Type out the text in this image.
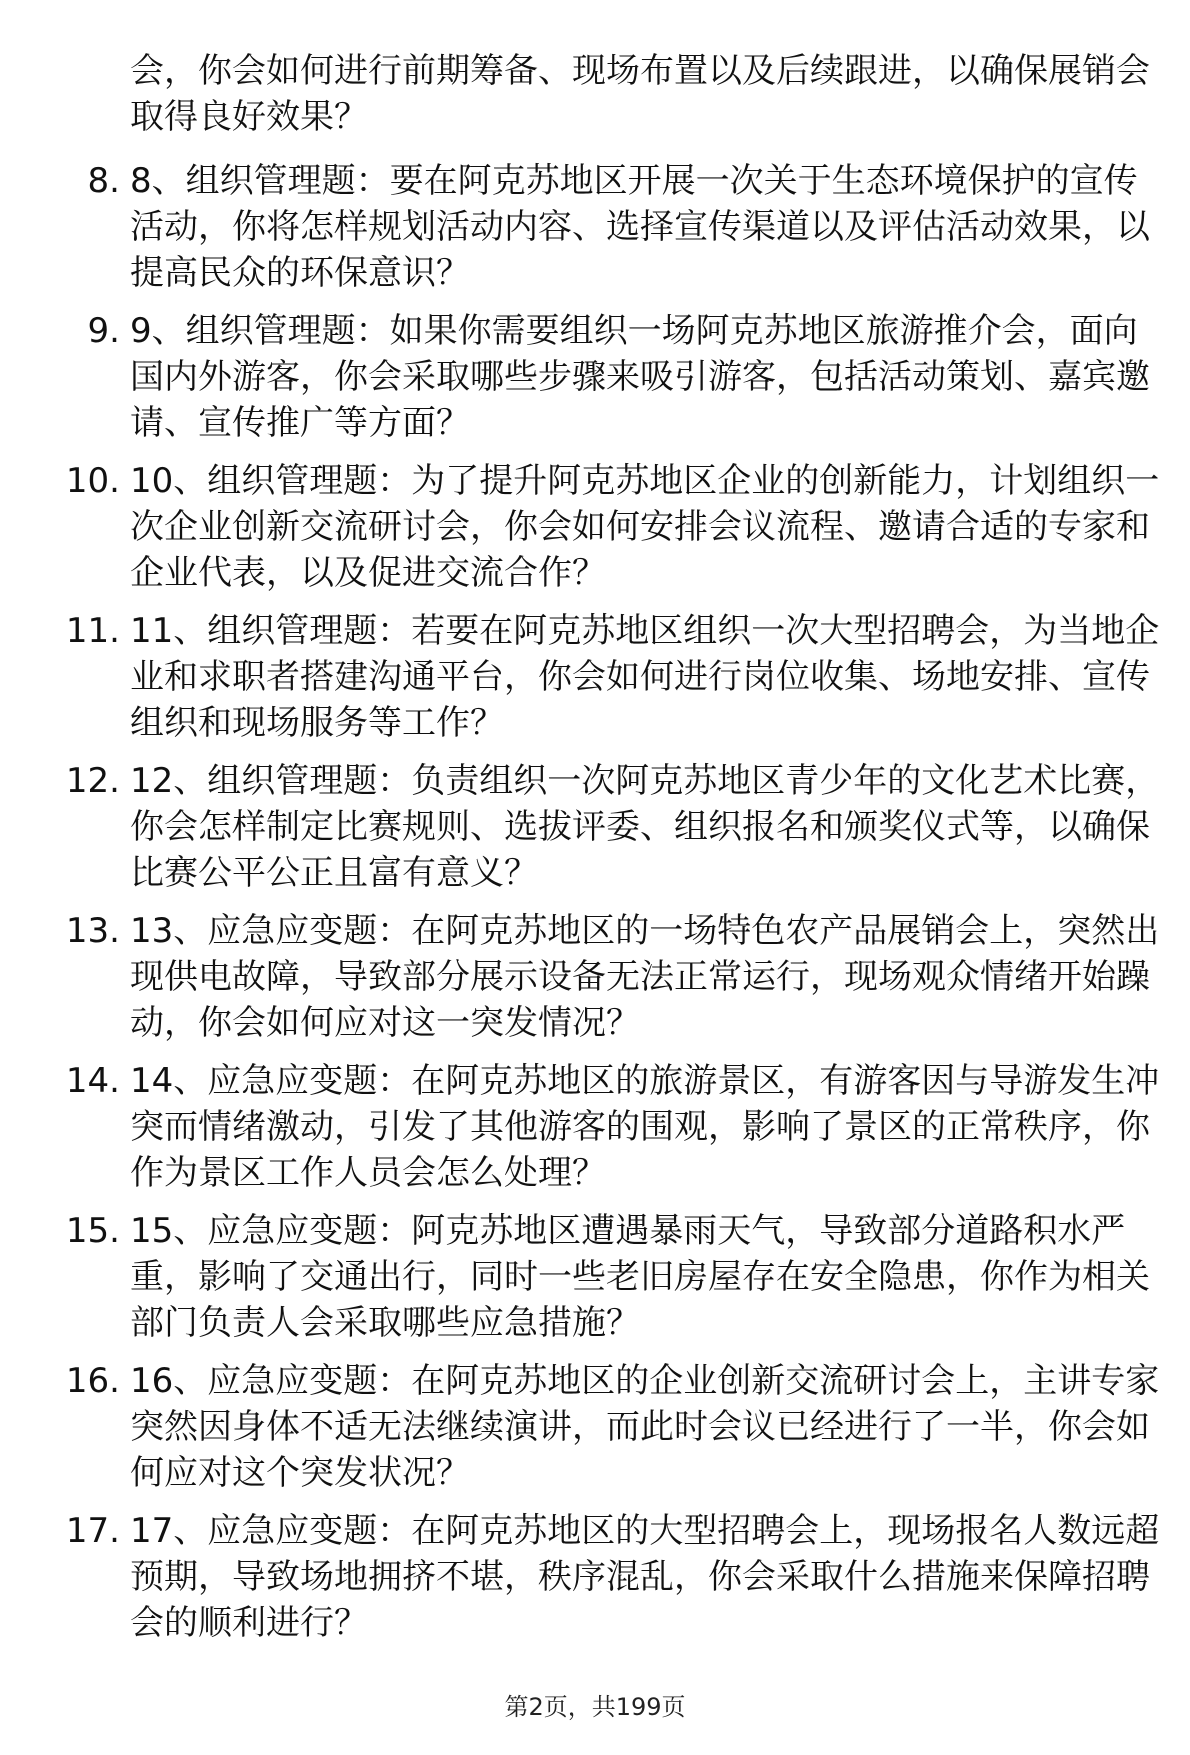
会，你会如何进行前期筹备、现场布置以及后续跟进，以确保展销会取得良好效果？

8. 8、组织管理题：要在阿克苏地区开展一次关于生态环境保护的宣传活动，你将怎样规划活动内容、选择宣传渠道以及评估活动效果，以提高民众的环保意识？
9. 9、组织管理题：如果你需要组织一场阿克苏地区旅游推介会，面向国内外游客，你会采取哪些步骤来吸引游客，包括活动策划、嘉宾邀请、宣传推广等方面？
10. 10、组织管理题：为了提升阿克苏地区企业的创新能力，计划组织一次企业创新交流研讨会，你会如何安排会议流程、邀请合适的专家和企业代表，以及促进交流合作？
11. 11、组织管理题：若要在阿克苏地区组织一次大型招聘会，为当地企业和求职者搭建沟通平台，你会如何进行岗位收集、场地安排、宣传组织和现场服务等工作？
12. 12、组织管理题：负责组织一次阿克苏地区青少年的文化艺术比赛，你会怎样制定比赛规则、选拔评委、组织报名和颁奖仪式等，以确保比赛公平公正且富有意义？
13. 13、应急应变题：在阿克苏地区的一场特色农产品展销会上，突然出现供电故障，导致部分展示设备无法正常运行，现场观众情绪开始躁动，你会如何应对这一突发情况？
14. 14、应急应变题：在阿克苏地区的旅游景区，有游客因与导游发生冲突而情绪激动，引发了其他游客的围观，影响了景区的正常秩序，你作为景区工作人员会怎么处理？
15. 15、应急应变题：阿克苏地区遭遇暴雨天气，导致部分道路积水严重，影响了交通出行，同时一些老旧房屋存在安全隐患，你作为相关部门负责人会采取哪些应急措施？
16. 16、应急应变题：在阿克苏地区的企业创新交流研讨会上，主讲专家突然因身体不适无法继续演讲，而此时会议已经进行了一半，你会如何应对这个突发状况？
17. 17、应急应变题：在阿克苏地区的大型招聘会上，现场报名人数远超预期，导致场地拥挤不堪，秩序混乱，你会采取什么措施来保障招聘会的顺利进行？
第2页，共199页
